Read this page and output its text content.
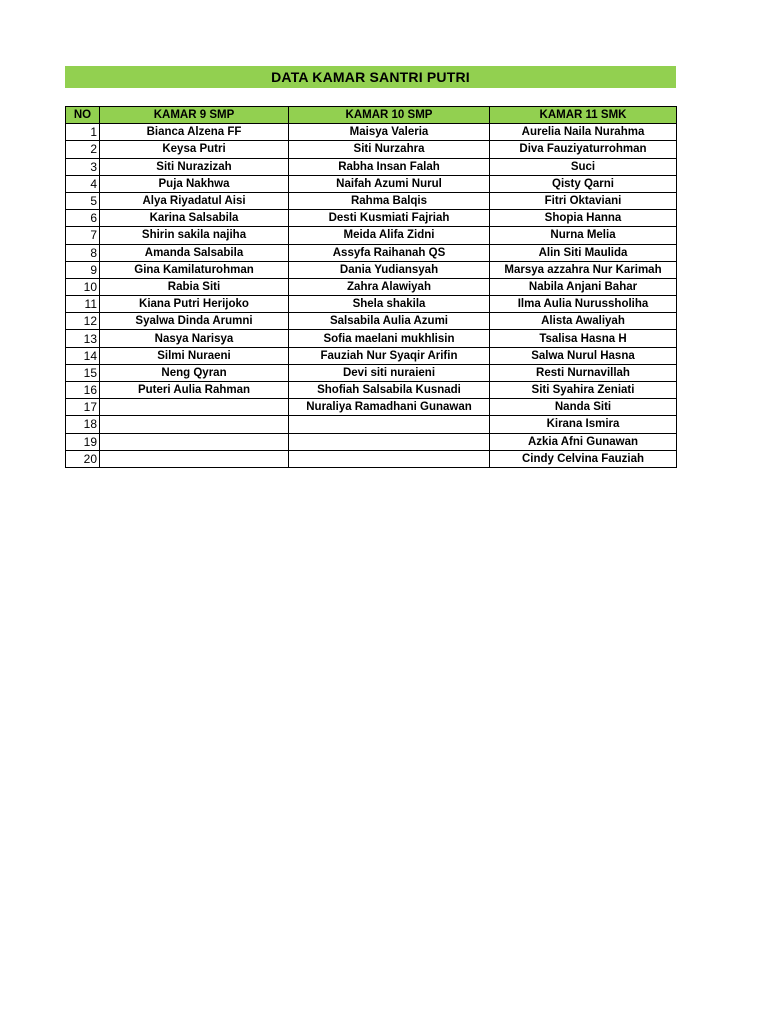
DATA KAMAR SANTRI PUTRI
NO	KAMAR 9 SMP	KAMAR 10 SMP	KAMAR 11 SMK
1	Bianca Alzena FF	Maisya Valeria	Aurelia Naila Nurahma
2	Keysa Putri	Siti Nurzahra	Diva Fauziyaturrohman
3	Siti Nurazizah	Rabha Insan Falah	Suci
4	Puja Nakhwa	Naifah Azumi Nurul	Qisty Qarni
5	Alya Riyadatul Aisi	Rahma Balqis	Fitri Oktaviani
6	Karina Salsabila	Desti Kusmiati Fajriah	Shopia Hanna
7	Shirin sakila najiha	Meida Alifa Zidni	Nurna Melia
8	Amanda Salsabila	Assyfa Raihanah QS	Alin Siti Maulida
9	Gina Kamilaturohman	Dania Yudiansyah	Marsya azzahra Nur Karimah
10	Rabia Siti	Zahra Alawiyah	Nabila Anjani Bahar
11	Kiana Putri Herijoko	Shela shakila	Ilma Aulia Nurussholiha
12	Syalwa Dinda Arumni	Salsabila Aulia Azumi	Alista Awaliyah
13	Nasya Narisya	Sofia maelani mukhlisin	Tsalisa Hasna H
14	Silmi Nuraeni	Fauziah Nur Syaqir Arifin	Salwa Nurul Hasna
15	Neng Qyran	Devi siti nuraieni	Resti Nurnavillah
16	Puteri Aulia Rahman	Shofiah Salsabila Kusnadi	Siti Syahira Zeniati
17		Nuraliya Ramadhani Gunawan	Nanda Siti
18			Kirana Ismira
19			Azkia Afni Gunawan
20			Cindy Celvina Fauziah
